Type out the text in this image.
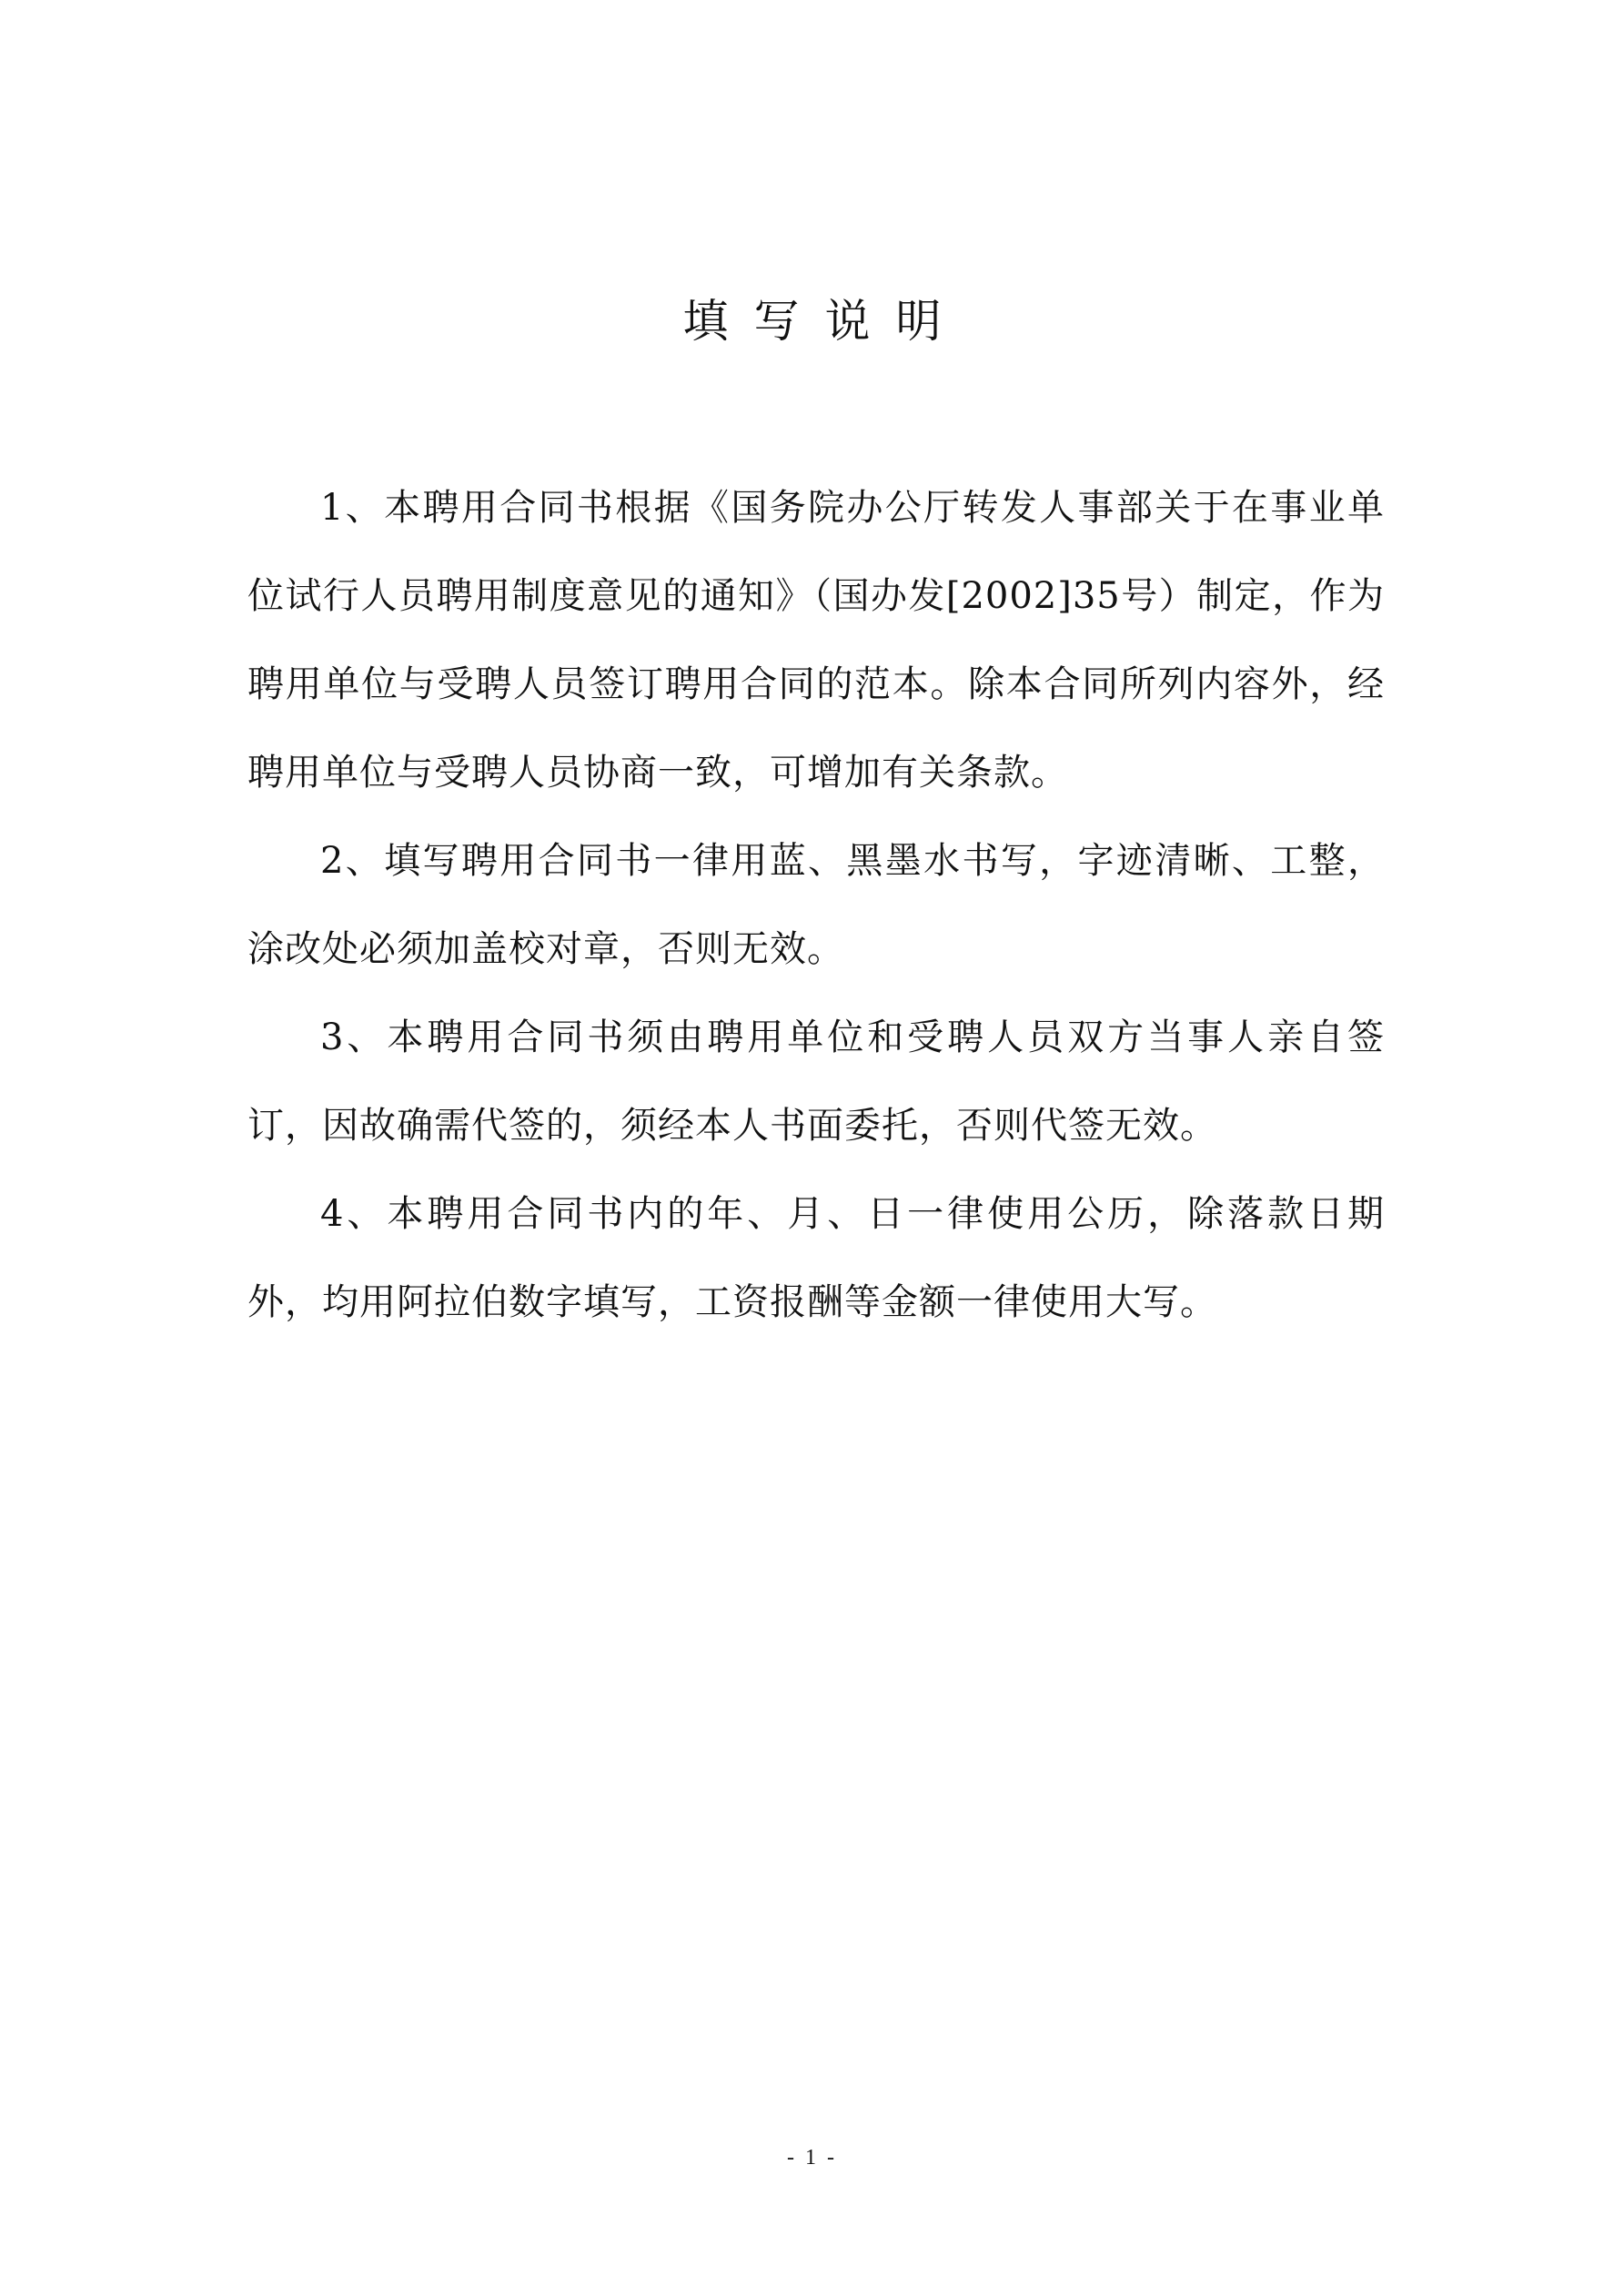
填写说明

1、本聘用合同书根据《国务院办公厅转发人事部关于在事业单位试行人员聘用制度意见的通知》（国办发[2002]35号）制定，作为聘用单位与受聘人员签订聘用合同的范本。除本合同所列内容外，经聘用单位与受聘人员协商一致，可增加有关条款。

2、填写聘用合同书一律用蓝、黑墨水书写，字迹清晰、工整，涂改处必须加盖校对章，否则无效。

3、本聘用合同书须由聘用单位和受聘人员双方当事人亲自签订，因故确需代签的，须经本人书面委托，否则代签无效。

4、本聘用合同书内的年、月、日一律使用公历，除落款日期外，均用阿拉伯数字填写，工资报酬等金额一律使用大写。

- 1 -
